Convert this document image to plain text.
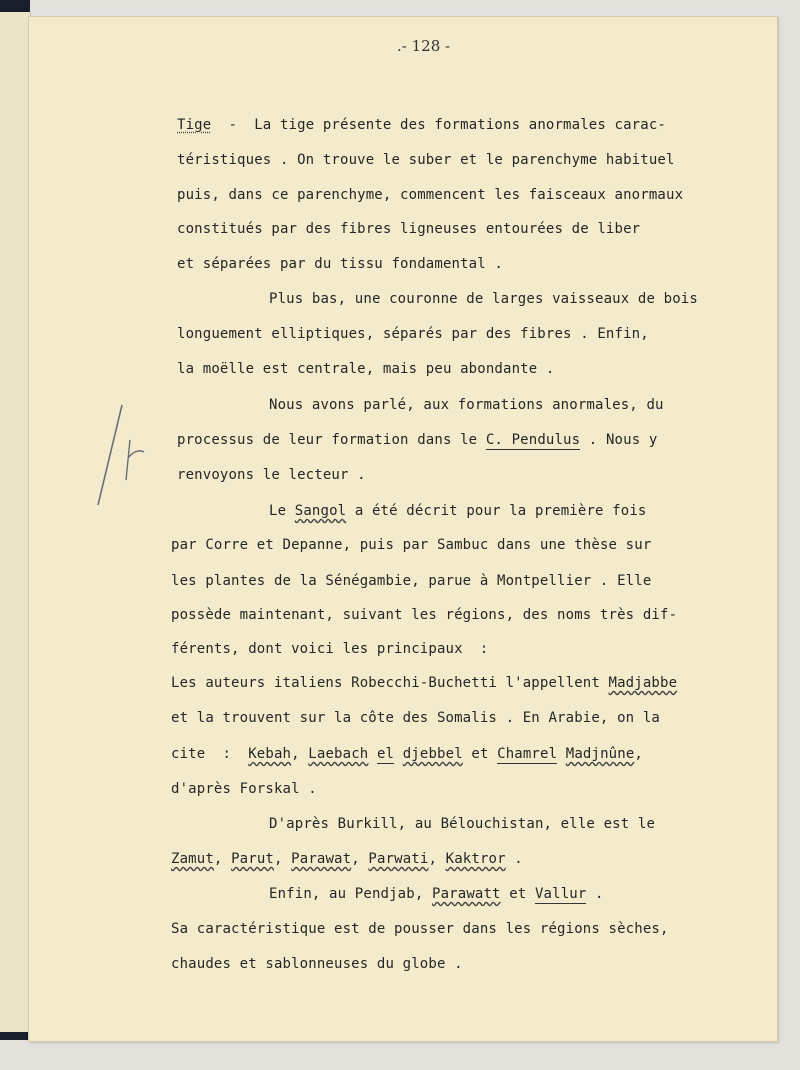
.- 128 -
Tige  -  La tige présente des formations anormales carac-
téristiques . On trouve le suber et le parenchyme habituel
puis, dans ce parenchyme, commencent les faisceaux anormaux
constitués par des fibres ligneuses entourées de liber
et séparées par du tissu fondamental .
Plus bas, une couronne de larges vaisseaux de bois
longuement elliptiques, séparés par des fibres . Enfin,
la moëlle est centrale, mais peu abondante .
Nous avons parlé, aux formations anormales, du
processus de leur formation dans le C. Pendulus . Nous y
renvoyons le lecteur .
Le Sangol a été décrit pour la première fois
par Corre et Depanne, puis par Sambuc dans une thèse sur
les plantes de la Sénégambie, parue à Montpellier . Elle
possède maintenant, suivant les régions, des noms très dif-
férents, dont voici les principaux  :
Les auteurs italiens Robecchi-Buchetti l'appellent Madjabbe
et la trouvent sur la côte des Somalis . En Arabie, on la
cite  :  Kebah, Laebach el djebbel et Chamrel Madjnûne,
d'après Forskal .
D'après Burkill, au Bélouchistan, elle est le
Zamut, Parut, Parawat, Parwati, Kaktror .
Enfin, au Pendjab, Parawatt et Vallur .
Sa caractéristique est de pousser dans les régions sèches,
chaudes et sablonneuses du globe .
